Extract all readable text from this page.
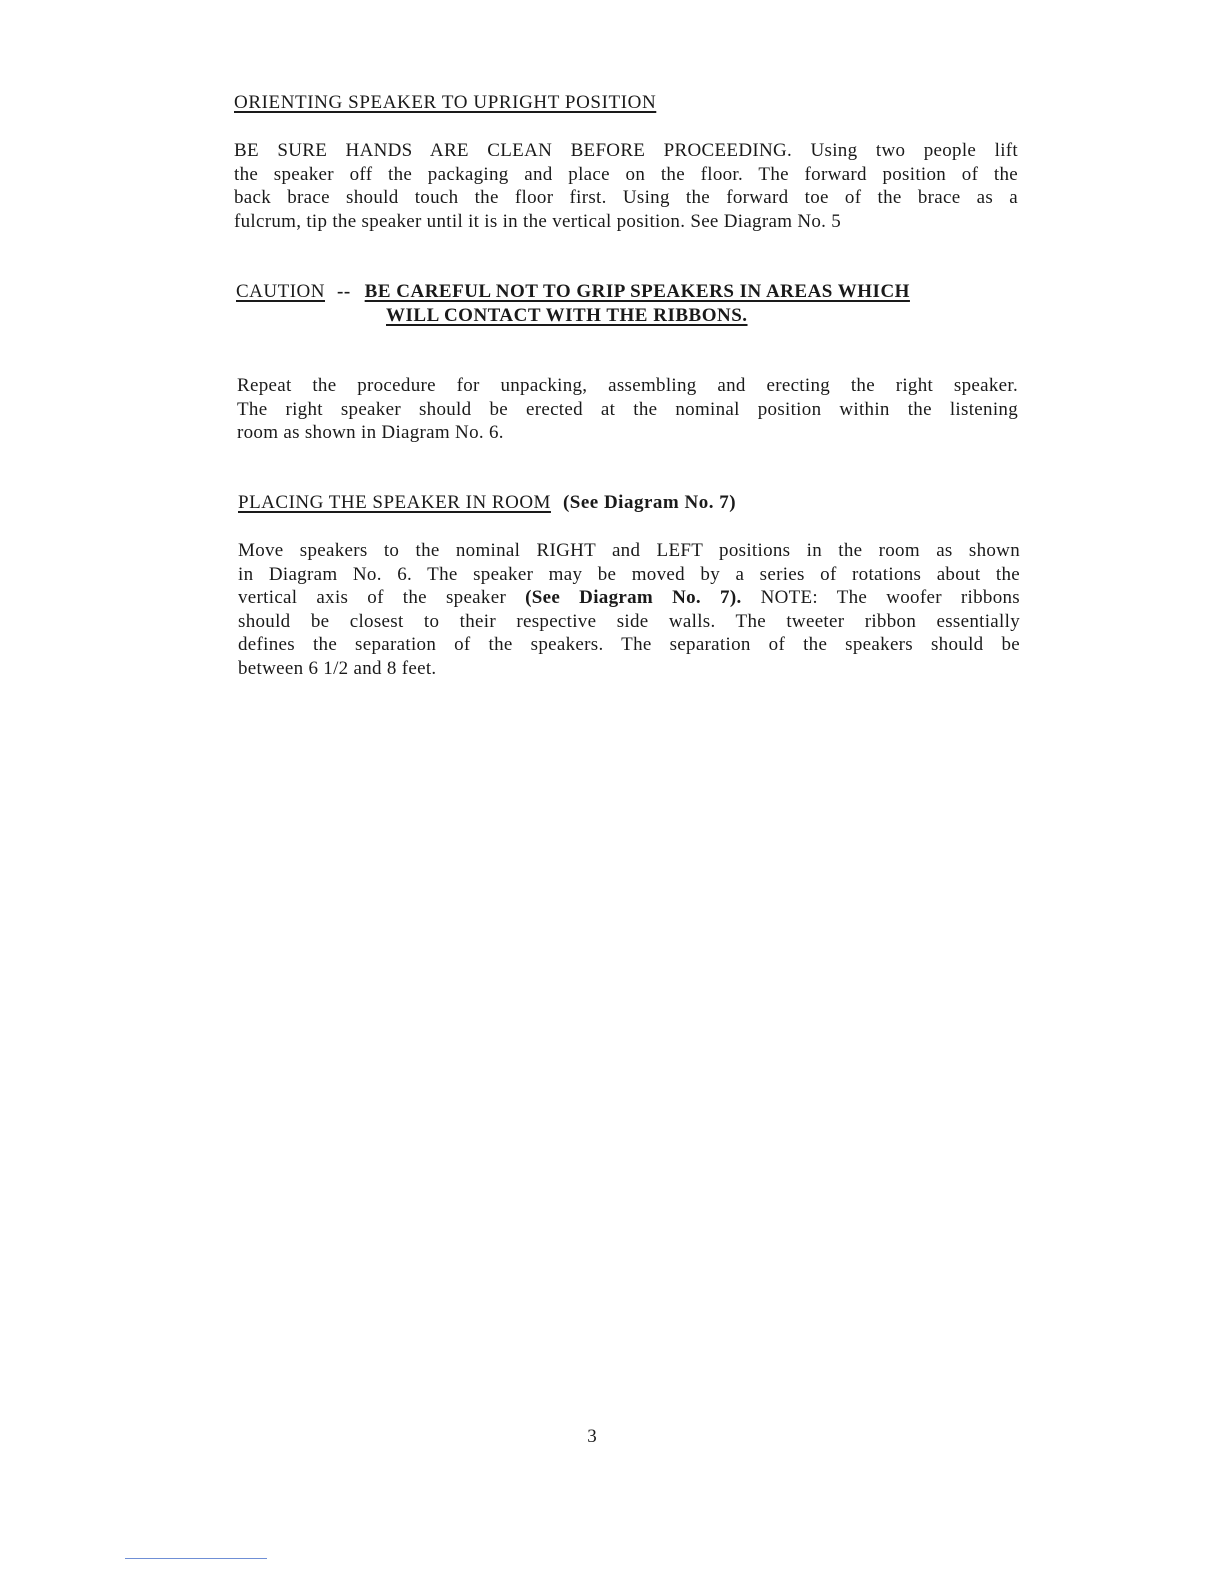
ORIENTING SPEAKER TO UPRIGHT POSITION
BE SURE HANDS ARE CLEAN BEFORE PROCEEDING. Using two people lift
the speaker off the packaging and place on the floor. The forward position of the
back brace should touch the floor first. Using the forward toe of the brace as a
fulcrum, tip the speaker until it is in the vertical position. See Diagram No. 5
CAUTION -- BE CAREFUL NOT TO GRIP SPEAKERS IN AREAS WHICH
WILL CONTACT WITH THE RIBBONS.
Repeat the procedure for unpacking, assembling and erecting the right speaker.
The right speaker should be erected at the nominal position within the listening
room as shown in Diagram No. 6.
PLACING THE SPEAKER IN ROOM (See Diagram No. 7)
Move speakers to the nominal RIGHT and LEFT positions in the room as shown
in Diagram No. 6. The speaker may be moved by a series of rotations about the
vertical axis of the speaker (See Diagram No. 7). NOTE: The woofer ribbons
should be closest to their respective side walls. The tweeter ribbon essentially
defines the separation of the speakers. The separation of the speakers should be
between 6 1/2 and 8 feet.
3
